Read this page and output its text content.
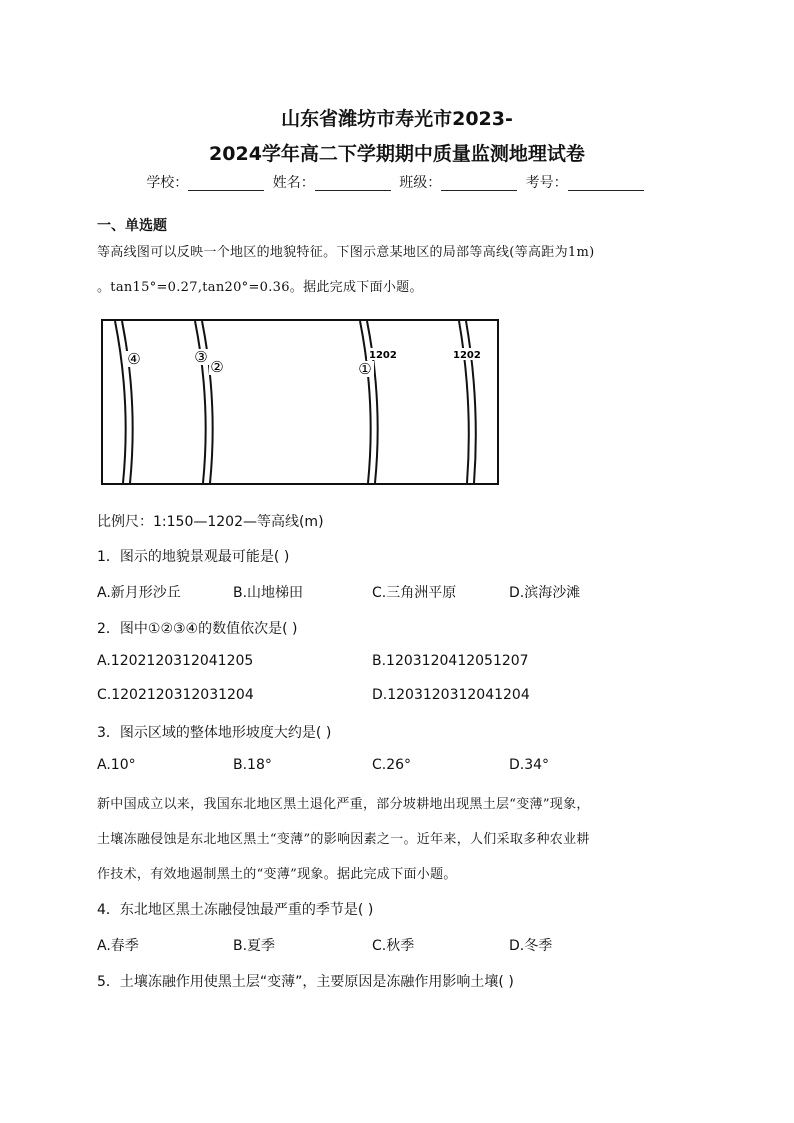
山东省潍坊市寿光市2023-
2024学年高二下学期期中质量监测地理试卷
学校：	姓名：	班级：	考号：
一、单选题
等高线图可以反映一个地区的地貌特征。下图示意某地区的局部等高线(等高距为1m)
。tan15°=0.27,tan20°=0.36。据此完成下面小题。
④	③
②	①
1202	1202
比例尺：1:150—1202—等高线(m)
1．图示的地貌景观最可能是( )
A.新月形沙丘	B.山地梯田	C.三角洲平原	D.滨海沙滩
2．图中①②③④的数值依次是( )
A.1202120312041205	B.1203120412051207
C.1202120312031204	D.1203120312041204
3．图示区域的整体地形坡度大约是( )
A.10°	B.18°	C.26°	D.34°
新中国成立以来，我国东北地区黑土退化严重，部分坡耕地出现黑土层“变薄”现象，
土壤冻融侵蚀是东北地区黑土“变薄”的影响因素之一。近年来，人们采取多种农业耕
作技术，有效地遏制黑土的“变薄”现象。据此完成下面小题。
4．东北地区黑土冻融侵蚀最严重的季节是( )
A.春季	B.夏季	C.秋季	D.冬季
5．土壤冻融作用使黑土层“变薄”，主要原因是冻融作用影响土壤( )
